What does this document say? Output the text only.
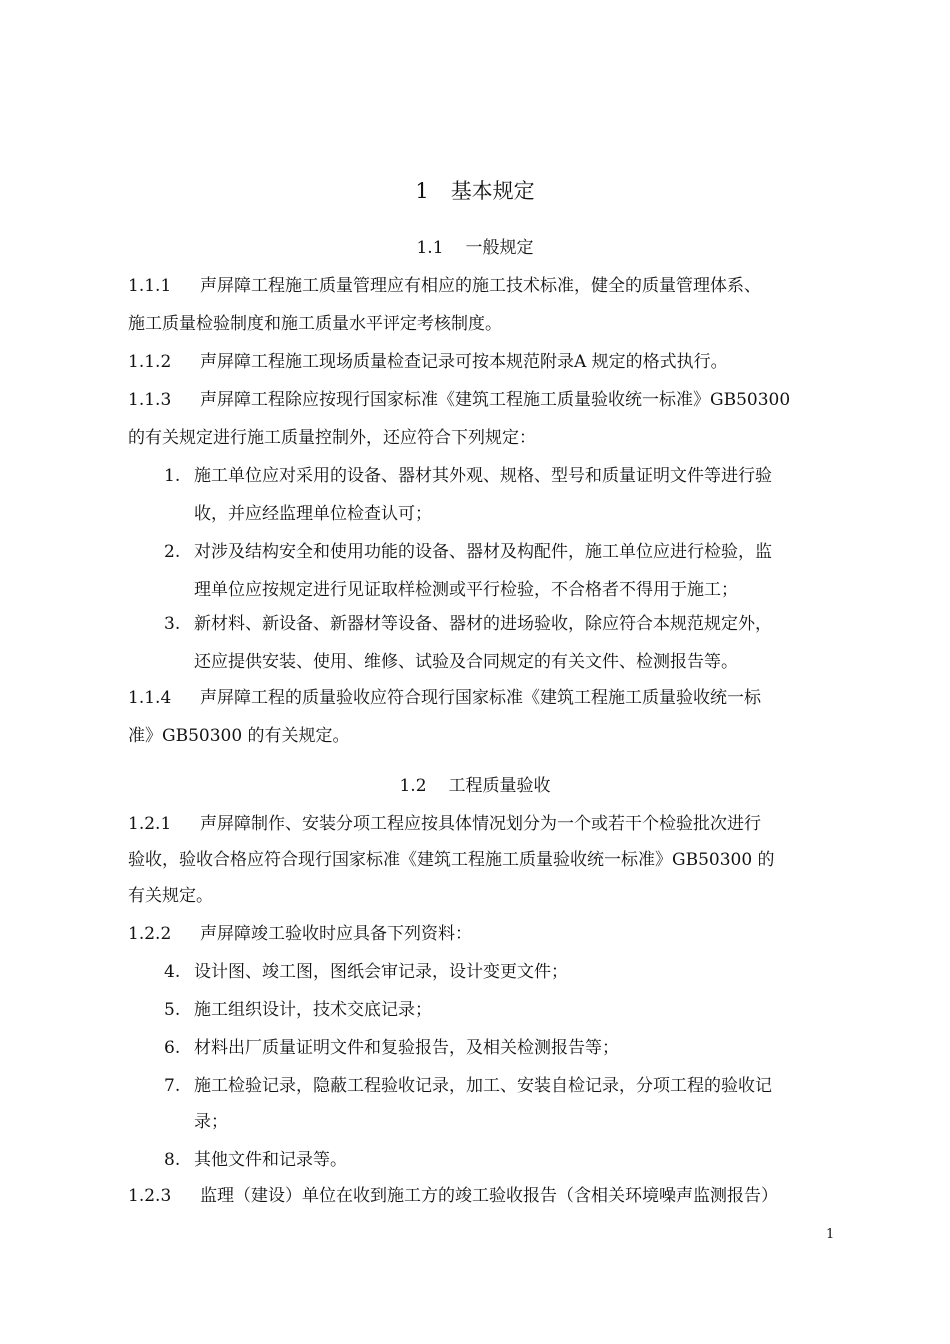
1 基本规定
1.1 一般规定
1.1.1 声屏障工程施工质量管理应有相应的施工技术标准，健全的质量管理体系、
施工质量检验制度和施工质量水平评定考核制度。
1.1.2 声屏障工程施工现场质量检查记录可按本规范附录A 规定的格式执行。
1.1.3 声屏障工程除应按现行国家标准《建筑工程施工质量验收统一标准》GB50300
的有关规定进行施工质量控制外，还应符合下列规定：
1. 施工单位应对采用的设备、器材其外观、规格、型号和质量证明文件等进行验
收，并应经监理单位检查认可；
2. 对涉及结构安全和使用功能的设备、器材及构配件，施工单位应进行检验，监
理单位应按规定进行见证取样检测或平行检验，不合格者不得用于施工；
3. 新材料、新设备、新器材等设备、器材的进场验收，除应符合本规范规定外，
还应提供安装、使用、维修、试验及合同规定的有关文件、检测报告等。
1.1.4 声屏障工程的质量验收应符合现行国家标准《建筑工程施工质量验收统一标
准》GB50300 的有关规定。
1.2 工程质量验收
1.2.1 声屏障制作、安装分项工程应按具体情况划分为一个或若干个检验批次进行
验收，验收合格应符合现行国家标准《建筑工程施工质量验收统一标准》GB50300 的
有关规定。
1.2.2 声屏障竣工验收时应具备下列资料：
4. 设计图、竣工图，图纸会审记录，设计变更文件；
5. 施工组织设计，技术交底记录；
6. 材料出厂质量证明文件和复验报告，及相关检测报告等；
7. 施工检验记录，隐蔽工程验收记录，加工、安装自检记录，分项工程的验收记
录；
8. 其他文件和记录等。
1.2.3 监理（建设）单位在收到施工方的竣工验收报告（含相关环境噪声监测报告）
1
